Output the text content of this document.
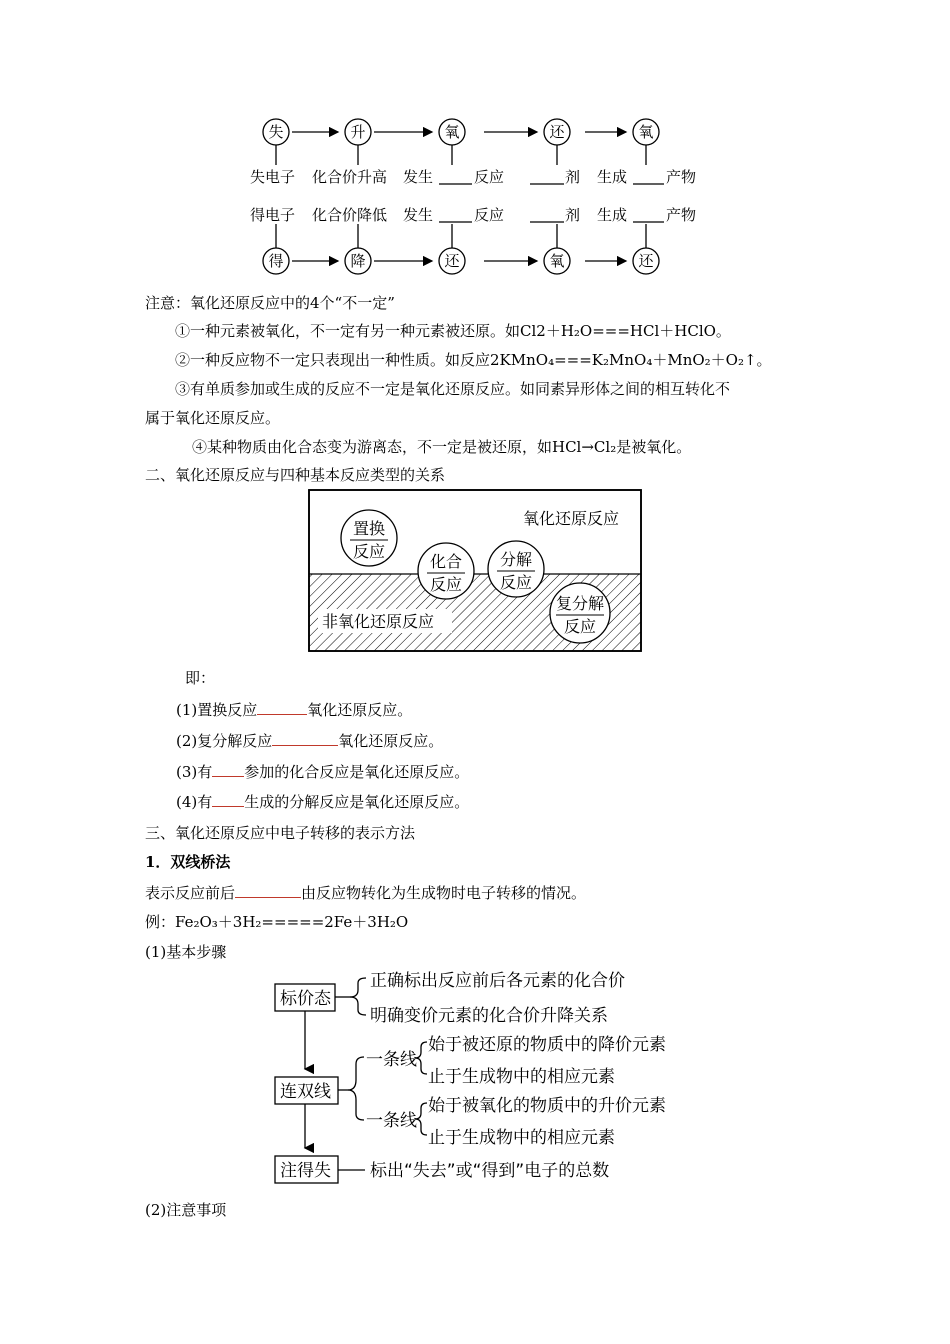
失	升	氧	还	氧
得	降	还	氧	还
失电子 化合价升高 发生	反应	剂 生成	产物
得电子 化合价降低 发生	反应	剂 生成	产物
注意：氧化还原反应中的4个“不一定”
①一种元素被氧化，不一定有另一种元素被还原。如Cl2＋H₂O===HCl＋HClO。
②一种反应物不一定只表现出一种性质。如反应2KMnO₄===K₂MnO₄＋MnO₂＋O₂↑。
③有单质参加或生成的反应不一定是氧化还原反应。如同素异形体之间的相互转化不
属于氧化还原反应。
④某种物质由化合态变为游离态，不一定是被还原，如HCl→Cl₂是被氧化。
二、氧化还原反应与四种基本反应类型的关系
置换
反应
化合
反应
分解
反应
复分解
反应
氧化还原反应
非氧化还原反应
即：
(1)置换反应	氧化还原反应。
(2)复分解反应	氧化还原反应。
(3)有 参加的化合反应是氧化还原反应。
(4)有 生成的分解反应是氧化还原反应。
三、氧化还原反应中电子转移的表示方法
1．双线桥法
表示反应前后	由反应物转化为生成物时电子转移的情况。
例：Fe₂O₃＋3H₂=====2Fe＋3H₂O
(1)基本步骤
标价态
连双线
注得失
正确标出反应前后各元素的化合价
明确变价元素的化合价升降关系
一条线
一条线
始于被还原的物质中的降价元素
止于生成物中的相应元素
始于被氧化的物质中的升价元素
止于生成物中的相应元素
标出“失去”或“得到”电子的总数
(2)注意事项
